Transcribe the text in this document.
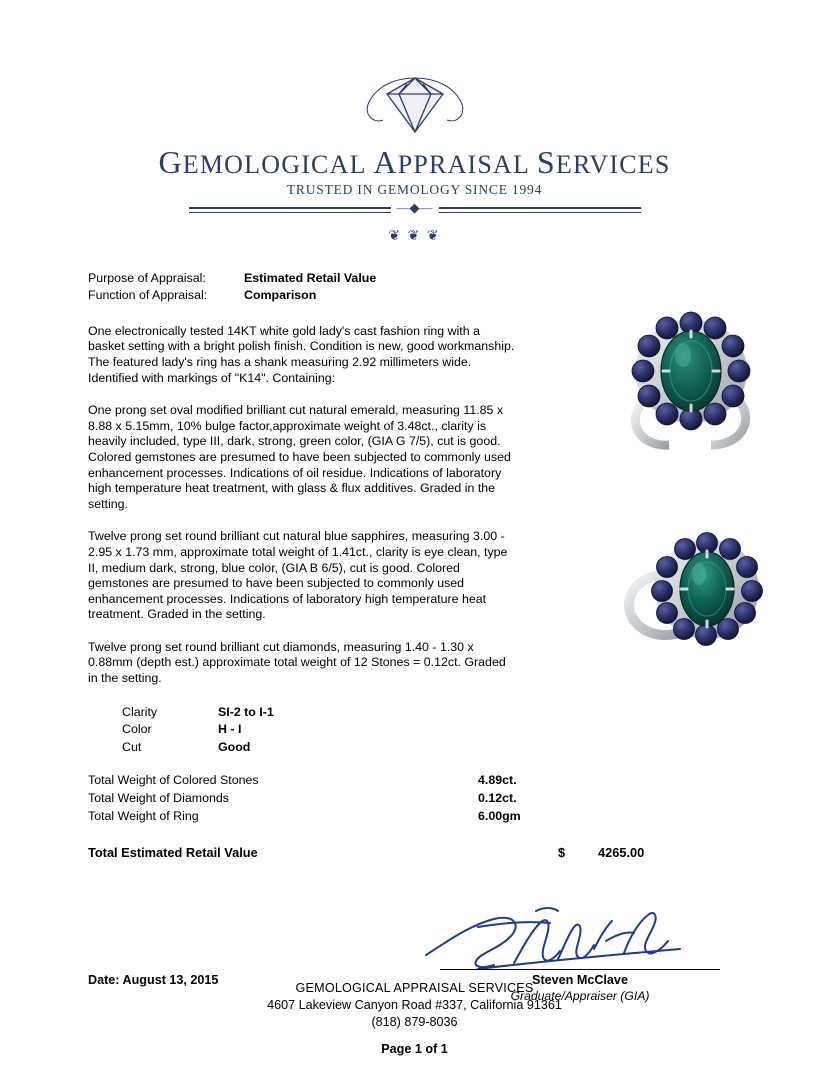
GEMOLOGICAL APPRAISAL SERVICES
TRUSTED IN GEMOLOGY SINCE 1994
—◆—
❦ ❦ ❦
Purpose of Appraisal:	Estimated Retail Value
Function of Appraisal:	Comparison

One electronically tested 14KT white gold lady's cast fashion ring with a basket setting with a bright polish finish. Condition is new, good workmanship. The featured lady's ring has a shank measuring 2.92 millimeters wide. Identified with markings of "K14". Containing:

One prong set oval modified brilliant cut natural emerald, measuring 11.85 x 8.88 x 5.15mm, 10% bulge factor,approximate weight of 3.48ct., clarity is heavily included, type III, dark, strong, green color, (GIA G 7/5), cut is good. Colored gemstones are presumed to have been subjected to commonly used enhancement processes. Indications of oil residue. Indications of laboratory high temperature heat treatment, with glass & flux additives. Graded in the setting.

Twelve prong set round brilliant cut natural blue sapphires, measuring 3.00 - 2.95 x 1.73 mm, approximate total weight of 1.41ct., clarity is eye clean, type II, medium dark, strong, blue color, (GIA B 6/5), cut is good. Colored gemstones are presumed to have been subjected to commonly used enhancement processes. Indications of laboratory high temperature heat treatment. Graded in the setting.

Twelve prong set round brilliant cut diamonds, measuring 1.40 - 1.30 x 0.88mm (depth est.) approximate total weight of 12 Stones = 0.12ct. Graded in the setting.

Clarity	SI-2 to I-1
Color	H - I
Cut	Good
Total Weight of Colored Stones	4.89ct.
Total Weight of Diamonds	0.12ct.
Total Weight of Ring	6.00gm
Total Estimated Retail Value	$	4265.00
Date: August 13, 2015	Steven McClave
Graduate/Appraiser (GIA)
GEMOLOGICAL APPRAISAL SERVICES
4607 Lakeview Canyon Road #337, California 91361
(818) 879-8036
Page 1 of 1
